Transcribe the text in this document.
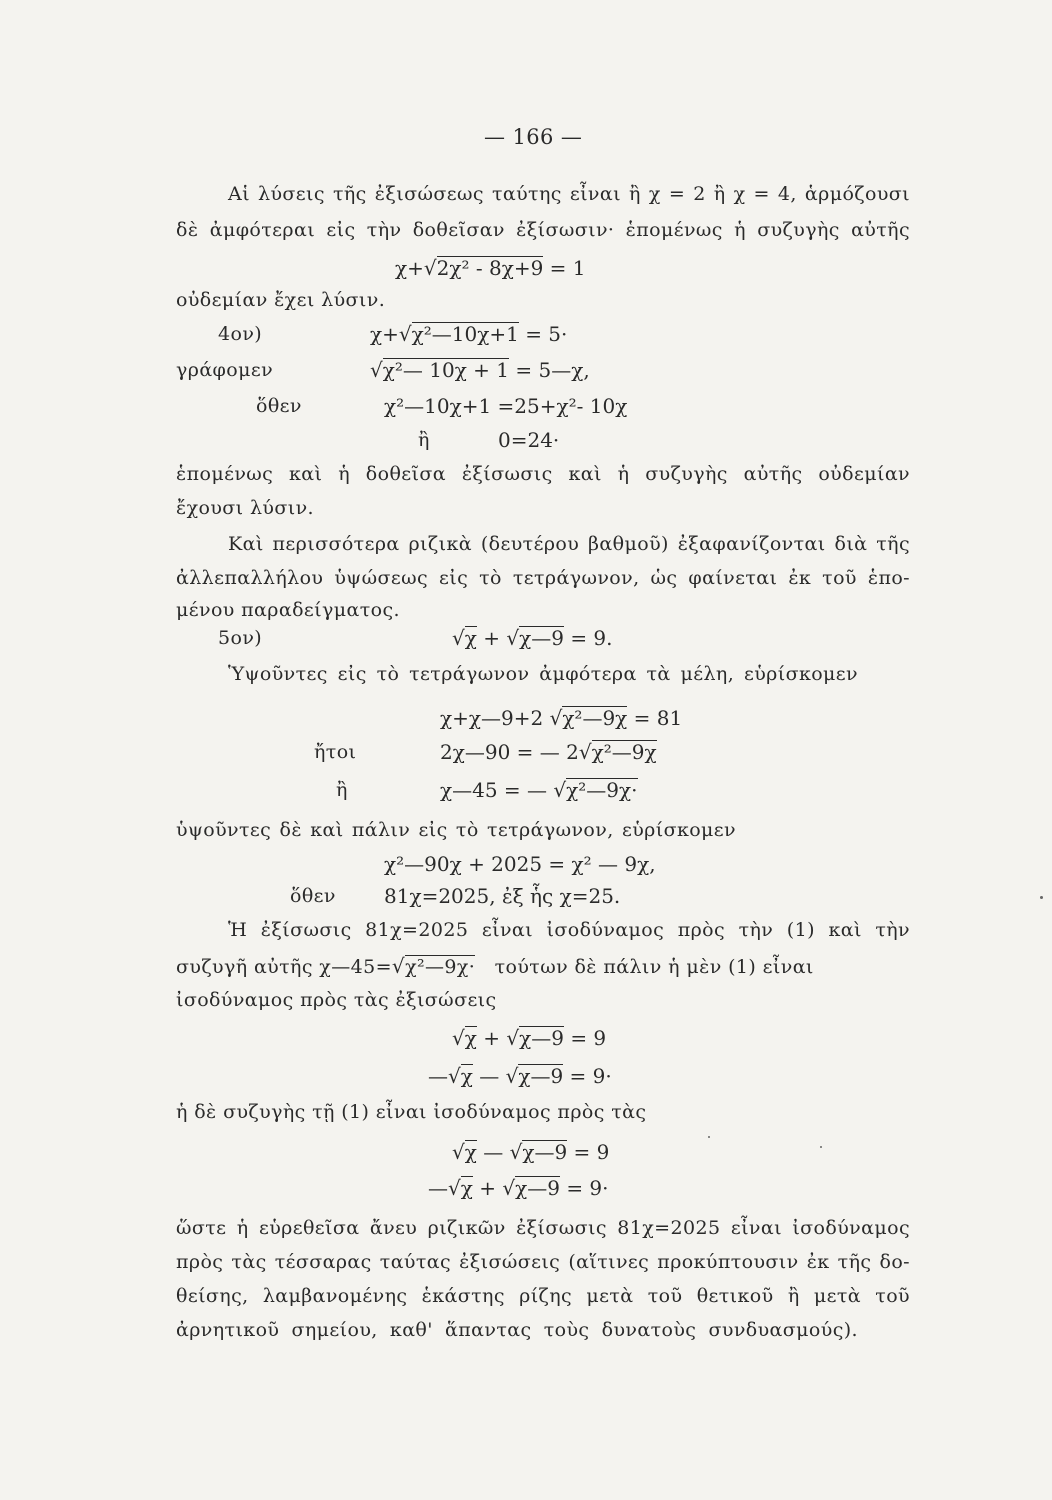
— 166 —
Αἱ λύσεις τῆς ἐξισώσεως ταύτης εἶναι ἢ χ = 2 ἢ χ = 4, ἁρμόζουσι
δὲ ἀμφότεραι εἰς τὴν δοθεῖσαν ἐξίσωσιν· ἑπομένως ἡ συζυγὴς αὐτῆς
χ+√2χ² - 8χ+9 = 1
οὐδεμίαν ἔχει λύσιν.
4ον)	χ+√χ²—10χ+1 = 5·
γράφομεν	√χ²— 10χ + 1 = 5—χ,
ὅθεν	χ²—10χ+1 =25+χ²- 10χ
ἢ	0=24·
ἑπομένως καὶ ἡ δοθεῖσα ἐξίσωσις καὶ ἡ συζυγὴς αὐτῆς οὐδεμίαν
ἔχουσι λύσιν.
Καὶ περισσότερα ριζικὰ (δευτέρου βαθμοῦ) ἐξαφανίζονται διὰ τῆς
ἀλλεπαλλήλου ὑψώσεως εἰς τὸ τετράγωνον, ὡς φαίνεται ἐκ τοῦ ἑπο-
μένου παραδείγματος.
5ον)	√χ + √χ—9 = 9.
Ὑψοῦντες εἰς τὸ τετράγωνον ἀμφότερα τὰ μέλη, εὑρίσκομεν
χ+χ—9+2 √χ²—9χ = 81
ἤτοι	2χ—90 = — 2√χ²—9χ
ἢ	χ—45 = — √χ²—9χ·
ὑψοῦντες δὲ καὶ πάλιν εἰς τὸ τετράγωνον, εὑρίσκομεν
χ²—90χ + 2025 = χ² — 9χ,
ὅθεν 81χ=2025, ἐξ ἧς χ=25.
Ἡ ἐξίσωσις 81χ=2025 εἶναι ἰσοδύναμος πρὸς τὴν (1) καὶ τὴν
συζυγῆ αὐτῆς χ—45=√χ²—9χ· τούτων δὲ πάλιν ἡ μὲν (1) εἶναι
ἰσοδύναμος πρὸς τὰς ἐξισώσεις
√χ + √χ—9 = 9
—√χ — √χ—9 = 9·
ἡ δὲ συζυγὴς τῇ (1) εἶναι ἰσοδύναμος πρὸς τὰς
√χ — √χ—9 = 9
—√χ + √χ—9 = 9·
ὥστε ἡ εὑρεθεῖσα ἄνευ ριζικῶν ἐξίσωσις 81χ=2025 εἶναι ἰσοδύναμος
πρὸς τὰς τέσσαρας ταύτας ἐξισώσεις (αἵτινες προκύπτουσιν ἐκ τῆς δο-
θείσης, λαμβανομένης ἑκάστης ρίζης μετὰ τοῦ θετικοῦ ἢ μετὰ τοῦ
ἀρνητικοῦ σημείου, καθ' ἅπαντας τοὺς δυνατοὺς συνδυασμούς).
